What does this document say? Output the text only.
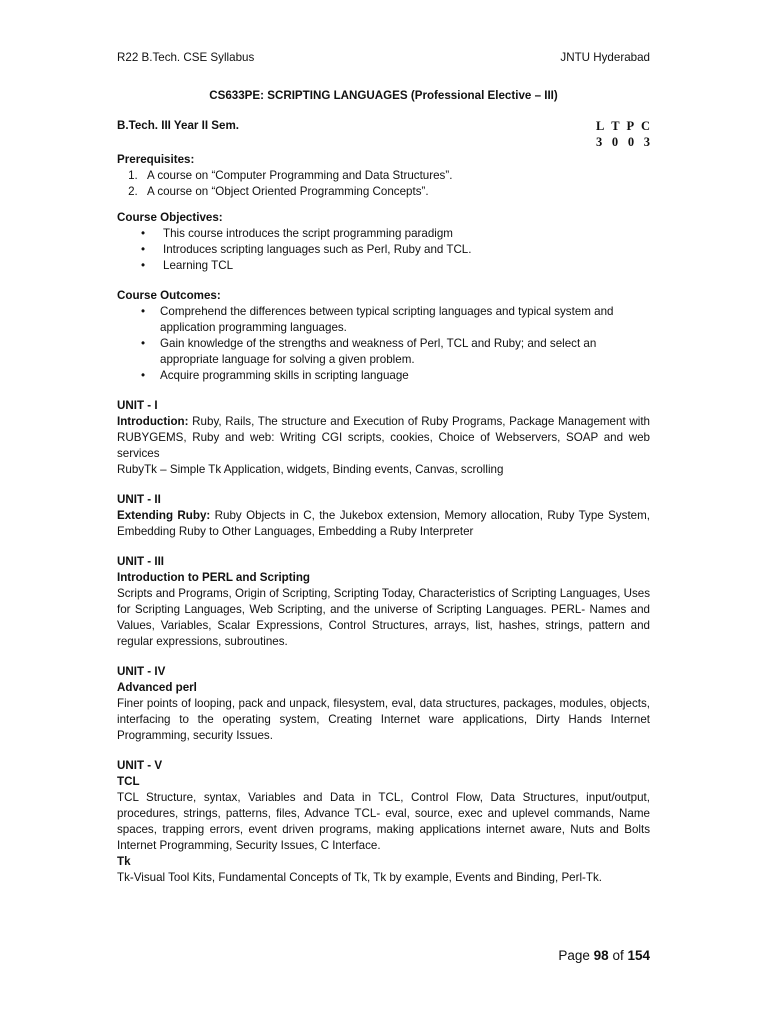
R22 B.Tech. CSE Syllabus	JNTU Hyderabad
CS633PE: SCRIPTING LANGUAGES (Professional Elective – III)
B.Tech. III Year II Sem.	L T P C
3 0 0 3
Prerequisites:
1. A course on “Computer Programming and Data Structures”.
2. A course on “Object Oriented Programming Concepts”.
Course Objectives:
• This course introduces the script programming paradigm
• Introduces scripting languages such as Perl, Ruby and TCL.
• Learning TCL
Course Outcomes:
• Comprehend the differences between typical scripting languages and typical system and application programming languages.
• Gain knowledge of the strengths and weakness of Perl, TCL and Ruby; and select an appropriate language for solving a given problem.
• Acquire programming skills in scripting language
UNIT - I

Introduction: Ruby, Rails, The structure and Execution of Ruby Programs, Package Management with RUBYGEMS, Ruby and web: Writing CGI scripts, cookies, Choice of Webservers, SOAP and web services

RubyTk – Simple Tk Application, widgets, Binding events, Canvas, scrolling

UNIT - II

Extending Ruby: Ruby Objects in C, the Jukebox extension, Memory allocation, Ruby Type System, Embedding Ruby to Other Languages, Embedding a Ruby Interpreter

UNIT - III
Introduction to PERL and Scripting

Scripts and Programs, Origin of Scripting, Scripting Today, Characteristics of Scripting Languages, Uses for Scripting Languages, Web Scripting, and the universe of Scripting Languages. PERL- Names and Values, Variables, Scalar Expressions, Control Structures, arrays, list, hashes, strings, pattern and regular expressions, subroutines.

UNIT - IV
Advanced perl

Finer points of looping, pack and unpack, filesystem, eval, data structures, packages, modules, objects, interfacing to the operating system, Creating Internet ware applications, Dirty Hands Internet Programming, security Issues.

UNIT - V
TCL

TCL Structure, syntax, Variables and Data in TCL, Control Flow, Data Structures, input/output, procedures, strings, patterns, files, Advance TCL- eval, source, exec and uplevel commands, Name spaces, trapping errors, event driven programs, making applications internet aware, Nuts and Bolts Internet Programming, Security Issues, C Interface.

Tk

Tk-Visual Tool Kits, Fundamental Concepts of Tk, Tk by example, Events and Binding, Perl-Tk.

Page 98 of 154
